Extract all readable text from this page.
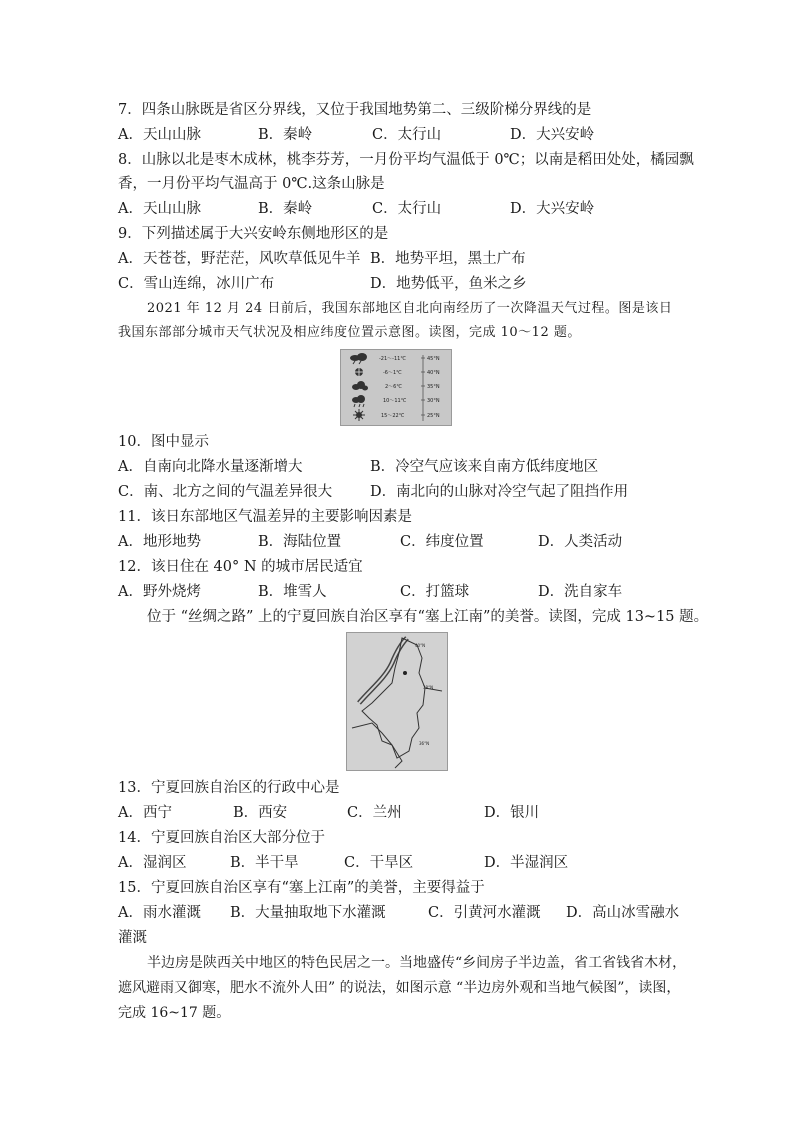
7．四条山脉既是省区分界线，又位于我国地势第二、三级阶梯分界线的是
A．天山山脉	B．秦岭	C．太行山	D．大兴安岭
8．山脉以北是枣木成林，桃李芬芳，一月份平均气温低于 0℃；以南是稻田处处，橘园飘
香，一月份平均气温高于 0℃.这条山脉是
A．天山山脉	B．秦岭	C．太行山	D．大兴安岭
9．下列描述属于大兴安岭东侧地形区的是
A．天苍苍，野茫茫，风吹草低见牛羊 B．地势平坦，黑土广布
C．雪山连绵，冰川广布	D．地势低平，鱼米之乡
2021 年 12 月 24 日前后，我国东部地区自北向南经历了一次降温天气过程。图是该日
我国东部部分城市天气状况及相应纬度位置示意图。读图，完成 10～12 题。
-21～-11℃
-6～1℃
2～6℃
10～11℃
15～22℃
45°N
40°N
35°N
30°N
25°N
10．图中显示
A．自南向北降水量逐渐增大	B．冷空气应该来自南方低纬度地区
C．南、北方之间的气温差异很大	D．南北向的山脉对冷空气起了阻挡作用
11．该日东部地区气温差异的主要影响因素是
A．地形地势	B．海陆位置	C．纬度位置	D．人类活动
12．该日住在 40° N 的城市居民适宜
A．野外烧烤	B．堆雪人	C．打篮球	D．洗自家车
位于 “丝绸之路” 上的宁夏回族自治区享有“塞上江南”的美誉。读图，完成 13~15 题。
40°N
38°N
36°N
13．宁夏回族自治区的行政中心是
A．西宁	B．西安	C．兰州	D．银川
14．宁夏回族自治区大部分位于
A．湿润区	B．半干旱	C．干旱区	D．半湿润区
15．宁夏回族自治区享有“塞上江南”的美誉，主要得益于
A．雨水灌溉 B．大量抽取地下水灌溉	C．引黄河水灌溉 D．高山冰雪融水
灌溉
半边房是陕西关中地区的特色民居之一。当地盛传“乡间房子半边盖，省工省钱省木材，
遮风避雨又御寒，肥水不流外人田” 的说法，如图示意 “半边房外观和当地气候图”，读图，
完成 16~17 题。
